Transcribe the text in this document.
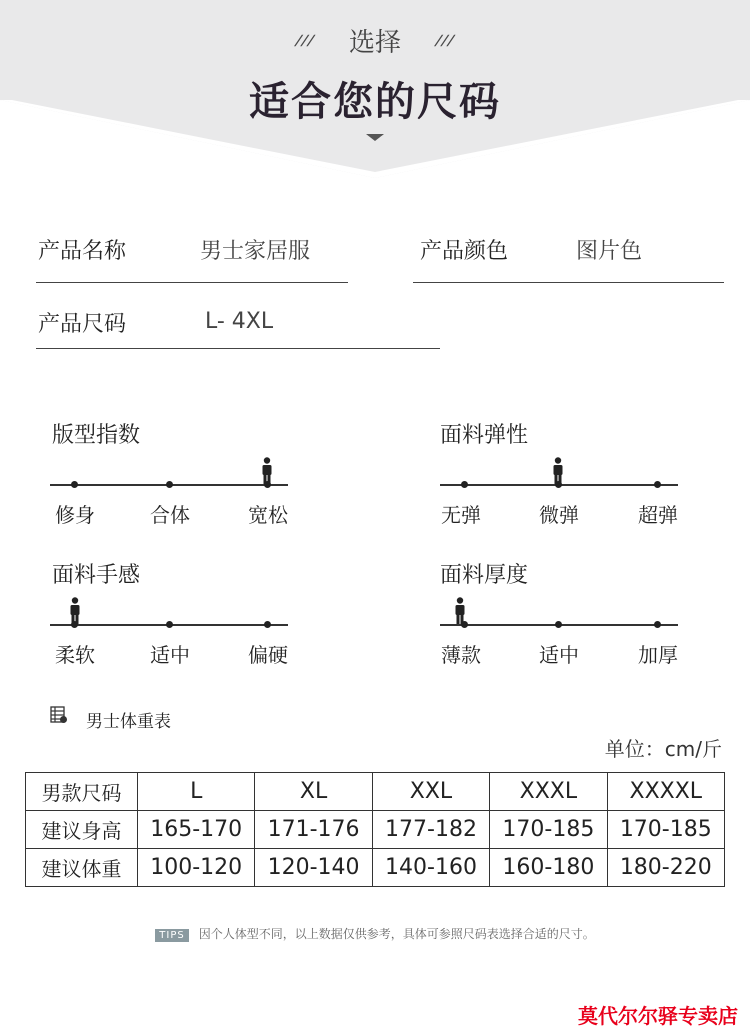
/// 选择 ///
适合您的尺码
产品名称	男士家居服	产品颜色	图片色
产品尺码	L- 4XL
版型指数
修身	合体	宽松
面料弹性
无弹	微弹	超弹
面料手感
柔软	适中	偏硬
面料厚度
薄款	适中	加厚
男士体重表
单位：cm/斤
男款尺码	L	XL	XXL	XXXL	XXXXL
建议身高	165-170	171-176	177-182	170-185	170-185
建议体重	100-120	120-140	140-160	160-180	180-220
TIPS 因个人体型不同，以上数据仅供参考，具体可参照尺码表选择合适的尺寸。
莫代尔尔驿专卖店
